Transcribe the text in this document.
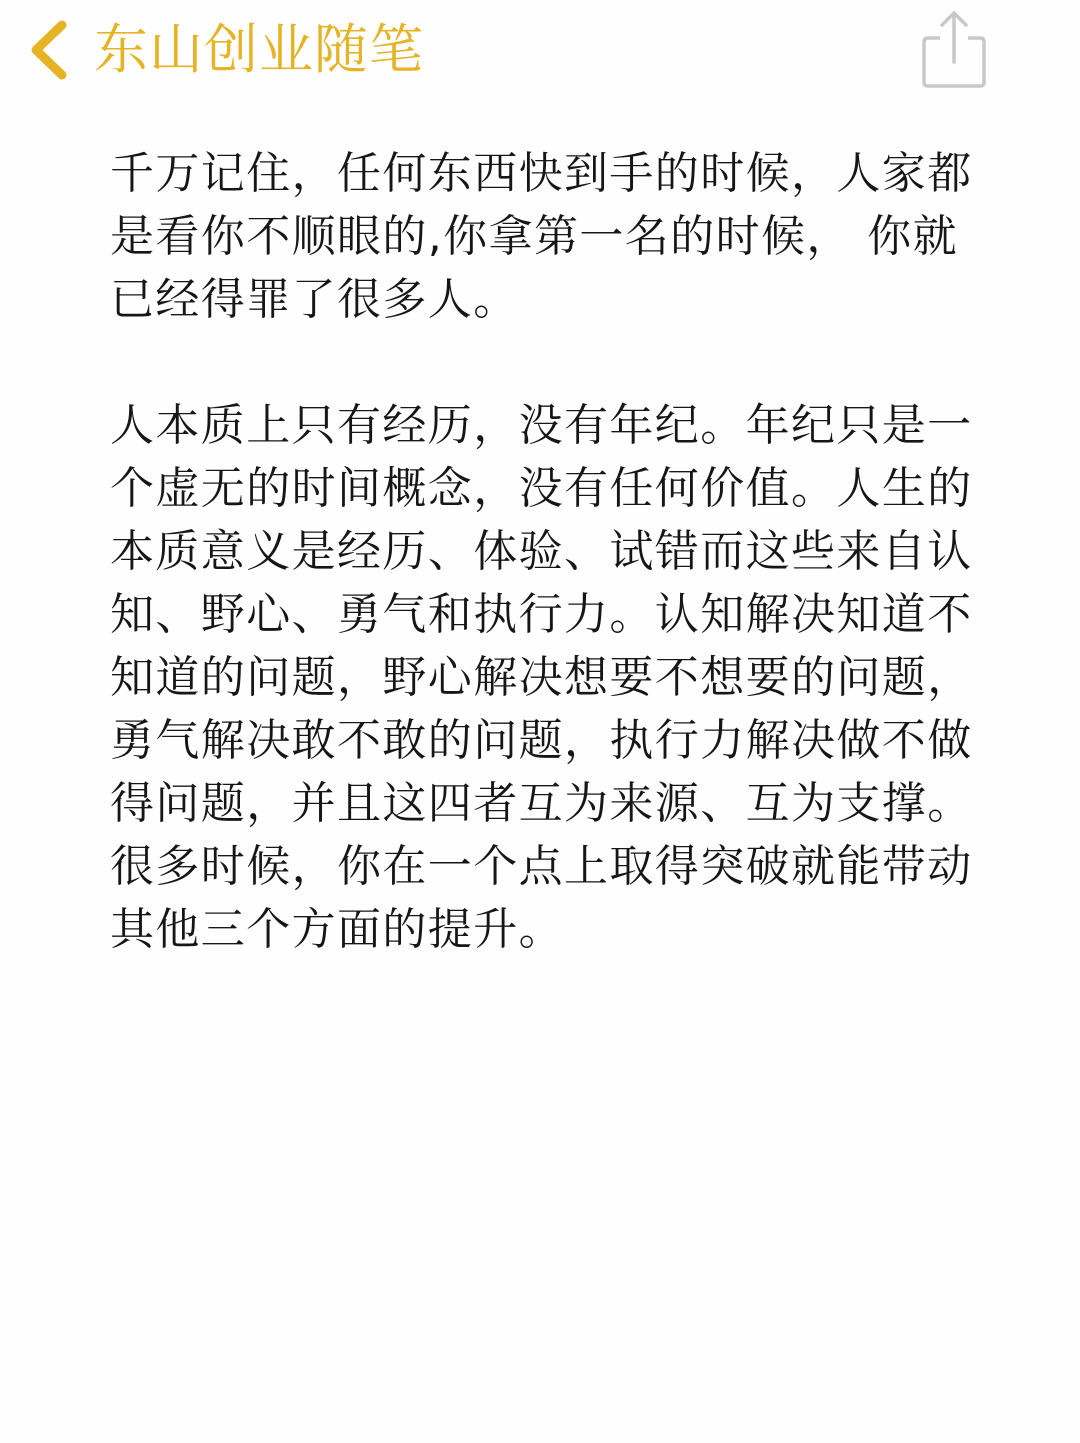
东山创业随笔

千万记住，任何东西快到手的时候，人家都是看你不顺眼的,你拿第一名的时候， 你就已经得罪了很多人。

人本质上只有经历，没有年纪。年纪只是一个虚无的时间概念，没有任何价值。人生的本质意义是经历、体验、试错而这些来自认知、野心、勇气和执行力。认知解决知道不知道的问题，野心解决想要不想要的问题，勇气解决敢不敢的问题，执行力解决做不做得问题，并且这四者互为来源、互为支撑。很多时候，你在一个点上取得突破就能带动其他三个方面的提升。
